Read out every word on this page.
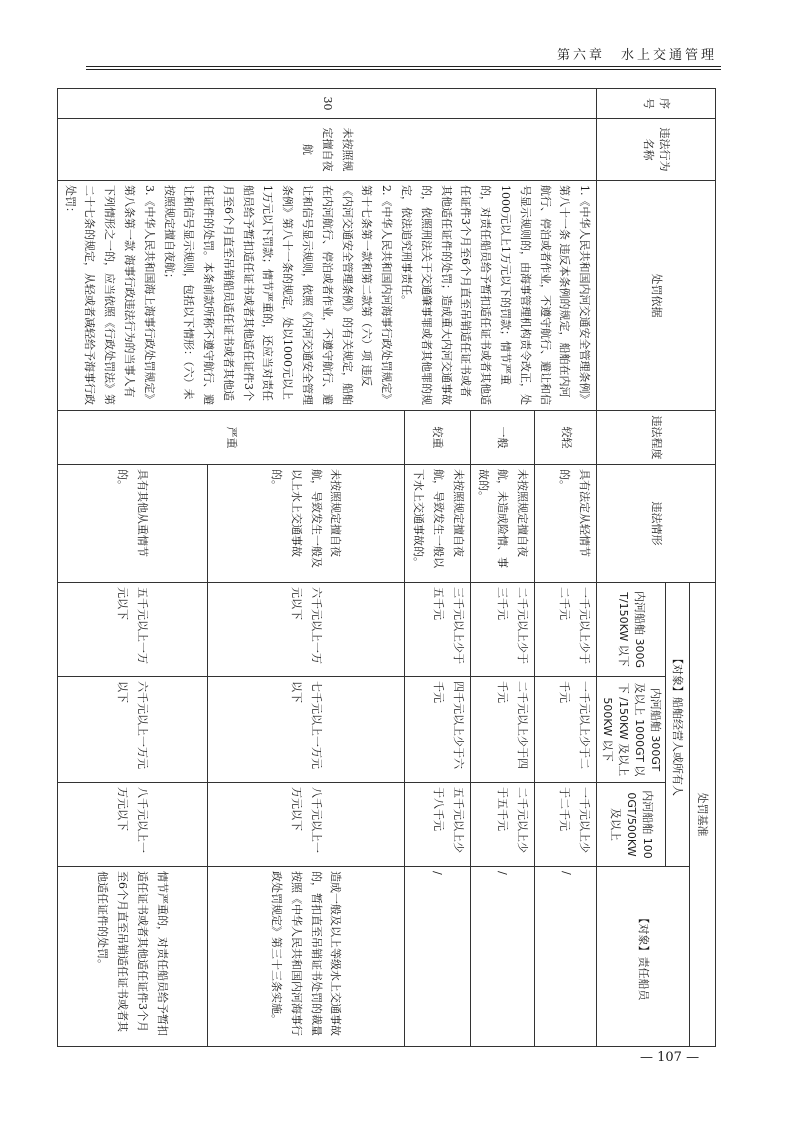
第六章　水上交通管理
序号	违法行为名称	处罚依据	违法程度	违法情形	处罚基准			
					【对象】船舶经营人或所有人			【对象】责任船员
					内河船舶 300GT/150KW 以下	内河船舶 300GT 及以上 1000GT 以下 /150KW 及以上 500KW 以下	内河船舶 1000GT/500KW 及以上	
30	未按照规定擅自夜航	1.《中华人民共和国内河交通安全管理条例》第八十一条 违反本条例的规定，船舶在内河航行、停泊或者作业，不遵守航行、避让和信号显示规则的，由海事管理机构责令改正，处1000元以上1万元以下的罚款；情节严重的，对责任船员给予暂扣适任证书或者其他适任证件3个月至6个月直至吊销适任证书或者其他适任证件的处罚；造成重大内河交通事故的，依照刑法关于交通肇事罪或者其他罪的规定，依法追究刑事责任。

2.《中华人民共和国内河海事行政处罚规定》第十七条第一款和第二款第（六）项 违反《内河交通安全管理条例》的有关规定，船舶在内河航行、停泊或者作业，不遵守航行、避让和信号显示规则，依照《内河交通安全管理条例》第八十一条的规定，处以1000元以上1万元以下罚款；情节严重的，还应当对责任船员给予暂扣适任证书或者其他适任证件3个月至6个月直至吊销船员适任证书或者其他适任证件的处罚。本条前款所称不遵守航行、避让和信号显示规则，包括以下情形：（六）未按照规定擅自夜航；

3.《中华人民共和国海上海事行政处罚规定》第八条第一款 海事行政违法行为的当事人有下列情形之一的，应当依照《行政处罚法》第二十七条的规定，从轻或者减轻给予海事行政处罚：	较轻	具有法定从轻情节的。	一千元以上少于二千元	一千元以上少于二千元	一千元以上少于二千元	/
			一般	未按照规定擅自夜航，未造成险情、事故的。	二千元以上少于三千元	二千元以上少于四千元	二千元以上少于五千元	/
			较重	未按照规定擅自夜航，导致发生一般以下水上交通事故的。	三千元以上少于五千元	四千元以上少于六千元	五千元以上少于八千元	/
			严重	未按照规定擅自夜航，导致发生一般及以上水上交通事故的。	六千元以上一万元以下	七千元以上一万元以下	八千元以上一万元以下	造成一般及以上等级水上交通事故的，暂扣直至吊销证书处罚的裁量按照《中华人民共和国内河海事行政处罚规定》第三十三条实施。
				具有其他从重情节的。	五千元以上一万元以下	六千元以上一万元以下	八千元以上一万元以下	情节严重的，对责任船员给予暂扣适任证书或者其他适任证件3个月至6个月直至吊销适任证书或者其他适任证件的处罚。
— 107 —
